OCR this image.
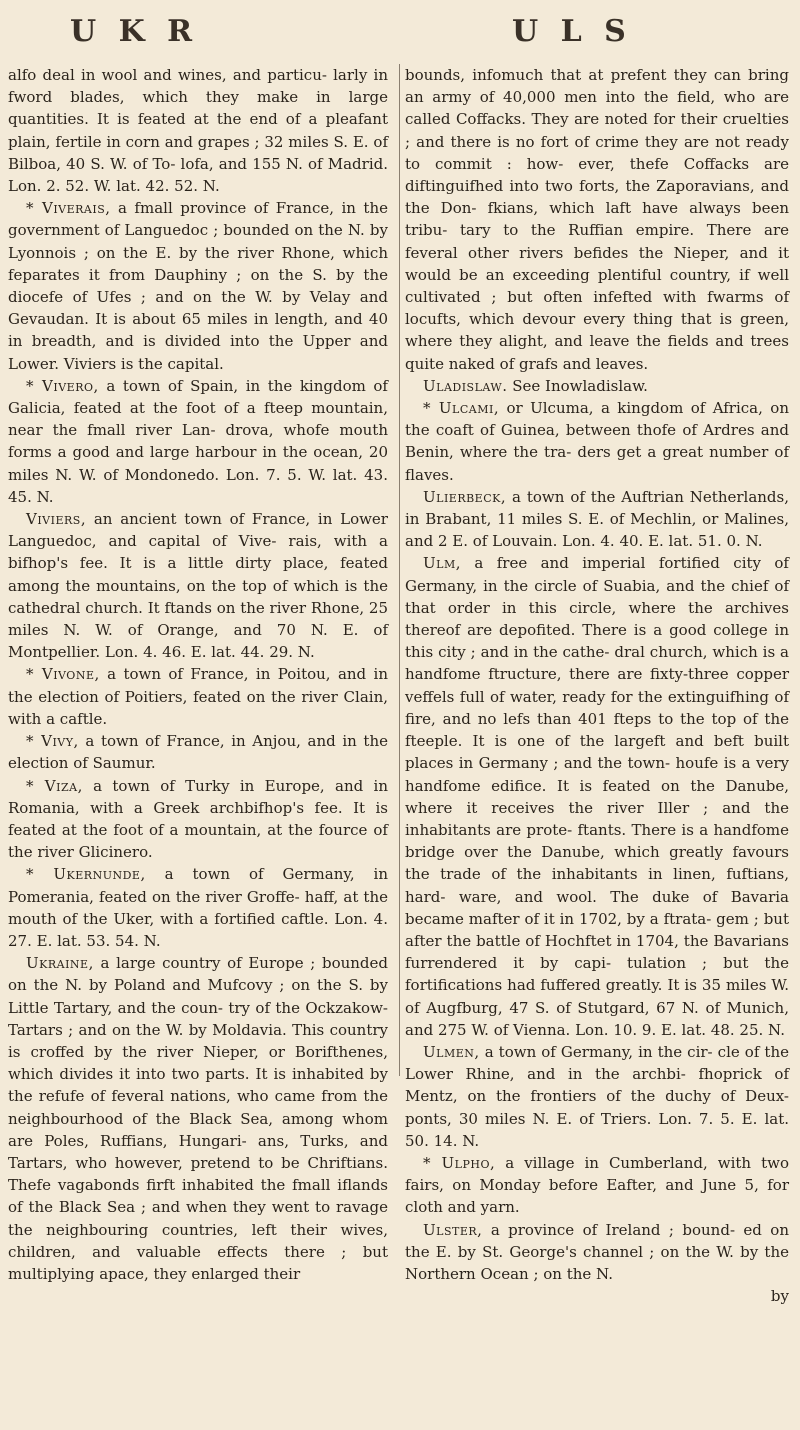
U K R	U L S

alfo deal in wool and wines, and particu- larly in fword blades, which they make in large quantities. It is feated at the end of a pleafant plain, fertile in corn and grapes ; 32 miles S. E. of Bilboa, 40 S. W. of To- lofa, and 155 N. of Madrid. Lon. 2. 52. W. lat. 42. 52. N.

* Viverais, a fmall province of France, in the government of Languedoc ; bounded on the N. by Lyonnois ; on the E. by the river Rhone, which feparates it from Dauphiny ; on the S. by the diocefe of Ufes ; and on the W. by Velay and Gevaudan. It is about 65 miles in length, and 40 in breadth, and is divided into the Upper and Lower. Viviers is the capital.

* Vivero, a town of Spain, in the kingdom of Galicia, feated at the foot of a fteep mountain, near the fmall river Lan- drova, whofe mouth forms a good and large harbour in the ocean, 20 miles N. W. of Mondonedo. Lon. 7. 5. W. lat. 43. 45. N.

Viviers, an ancient town of France, in Lower Languedoc, and capital of Vive- rais, with a bifhop's fee. It is a little dirty place, feated among the mountains, on the top of which is the cathedral church. It ftands on the river Rhone, 25 miles N. W. of Orange, and 70 N. E. of Montpellier. Lon. 4. 46. E. lat. 44. 29. N.

* Vivone, a town of France, in Poitou, and in the election of Poitiers, feated on the river Clain, with a caftle.

* Vivy, a town of France, in Anjou, and in the election of Saumur.

* Viza, a town of Turky in Europe, and in Romania, with a Greek archbifhop's fee. It is feated at the foot of a mountain, at the fource of the river Glicinero.

* Ukernunde, a town of Germany, in Pomerania, feated on the river Groffe- haff, at the mouth of the Uker, with a fortified caftle. Lon. 4. 27. E. lat. 53. 54. N.

Ukraine, a large country of Europe ; bounded on the N. by Poland and Mufcovy ; on the S. by Little Tartary, and the coun- try of the Ockzakow-Tartars ; and on the W. by Moldavia. This country is croffed by the river Nieper, or Borifthenes, which divides it into two parts. It is inhabited by the refufe of feveral nations, who came from the neighbourhood of the Black Sea, among whom are Poles, Ruffians, Hungari- ans, Turks, and Tartars, who however, pretend to be Chriftians. Thefe vagabonds firft inhabited the fmall iflands of the Black Sea ; and when they went to ravage the neighbouring countries, left their wives, children, and valuable effects there ; but multiplying apace, they enlarged their

bounds, infomuch that at prefent they can bring an army of 40,000 men into the field, who are called Coffacks. They are noted for their cruelties ; and there is no fort of crime they are not ready to commit : how- ever, thefe Coffacks are diftinguifhed into two forts, the Zaporavians, and the Don- fkians, which laft have always been tribu- tary to the Ruffian empire. There are feveral other rivers befides the Nieper, and it would be an exceeding plentiful country, if well cultivated ; but often infefted with fwarms of locufts, which devour every thing that is green, where they alight, and leave the fields and trees quite naked of grafs and leaves.

Uladislaw. See Inowladislaw.

* Ulcami, or Ulcuma, a kingdom of Africa, on the coaft of Guinea, between thofe of Ardres and Benin, where the tra- ders get a great number of flaves.

Ulierbeck, a town of the Auftrian Netherlands, in Brabant, 11 miles S. E. of Mechlin, or Malines, and 2 E. of Louvain. Lon. 4. 40. E. lat. 51. 0. N.

Ulm, a free and imperial fortified city of Germany, in the circle of Suabia, and the chief of that order in this circle, where the archives thereof are depofited. There is a good college in this city ; and in the cathe- dral church, which is a handfome ftructure, there are fixty-three copper veffels full of water, ready for the extinguifhing of fire, and no lefs than 401 fteps to the top of the fteeple. It is one of the largeft and beft built places in Germany ; and the town- houfe is a very handfome edifice. It is feated on the Danube, where it receives the river Iller ; and the inhabitants are prote- ftants. There is a handfome bridge over the Danube, which greatly favours the trade of the inhabitants in linen, fuftians, hard- ware, and wool. The duke of Bavaria became mafter of it in 1702, by a ftrata- gem ; but after the battle of Hochftet in 1704, the Bavarians furrendered it by capi- tulation ; but the fortifications had fuffered greatly. It is 35 miles W. of Augfburg, 47 S. of Stutgard, 67 N. of Munich, and 275 W. of Vienna. Lon. 10. 9. E. lat. 48. 25. N.

Ulmen, a town of Germany, in the cir- cle of the Lower Rhine, and in the archbi- fhoprick of Mentz, on the frontiers of the duchy of Deux-ponts, 30 miles N. E. of Triers. Lon. 7. 5. E. lat. 50. 14. N.

* Ulpho, a village in Cumberland, with two fairs, on Monday before Eafter, and June 5, for cloth and yarn.

Ulster, a province of Ireland ; bound- ed on the E. by St. George's channel ; on the W. by the Northern Ocean ; on the N.

by
